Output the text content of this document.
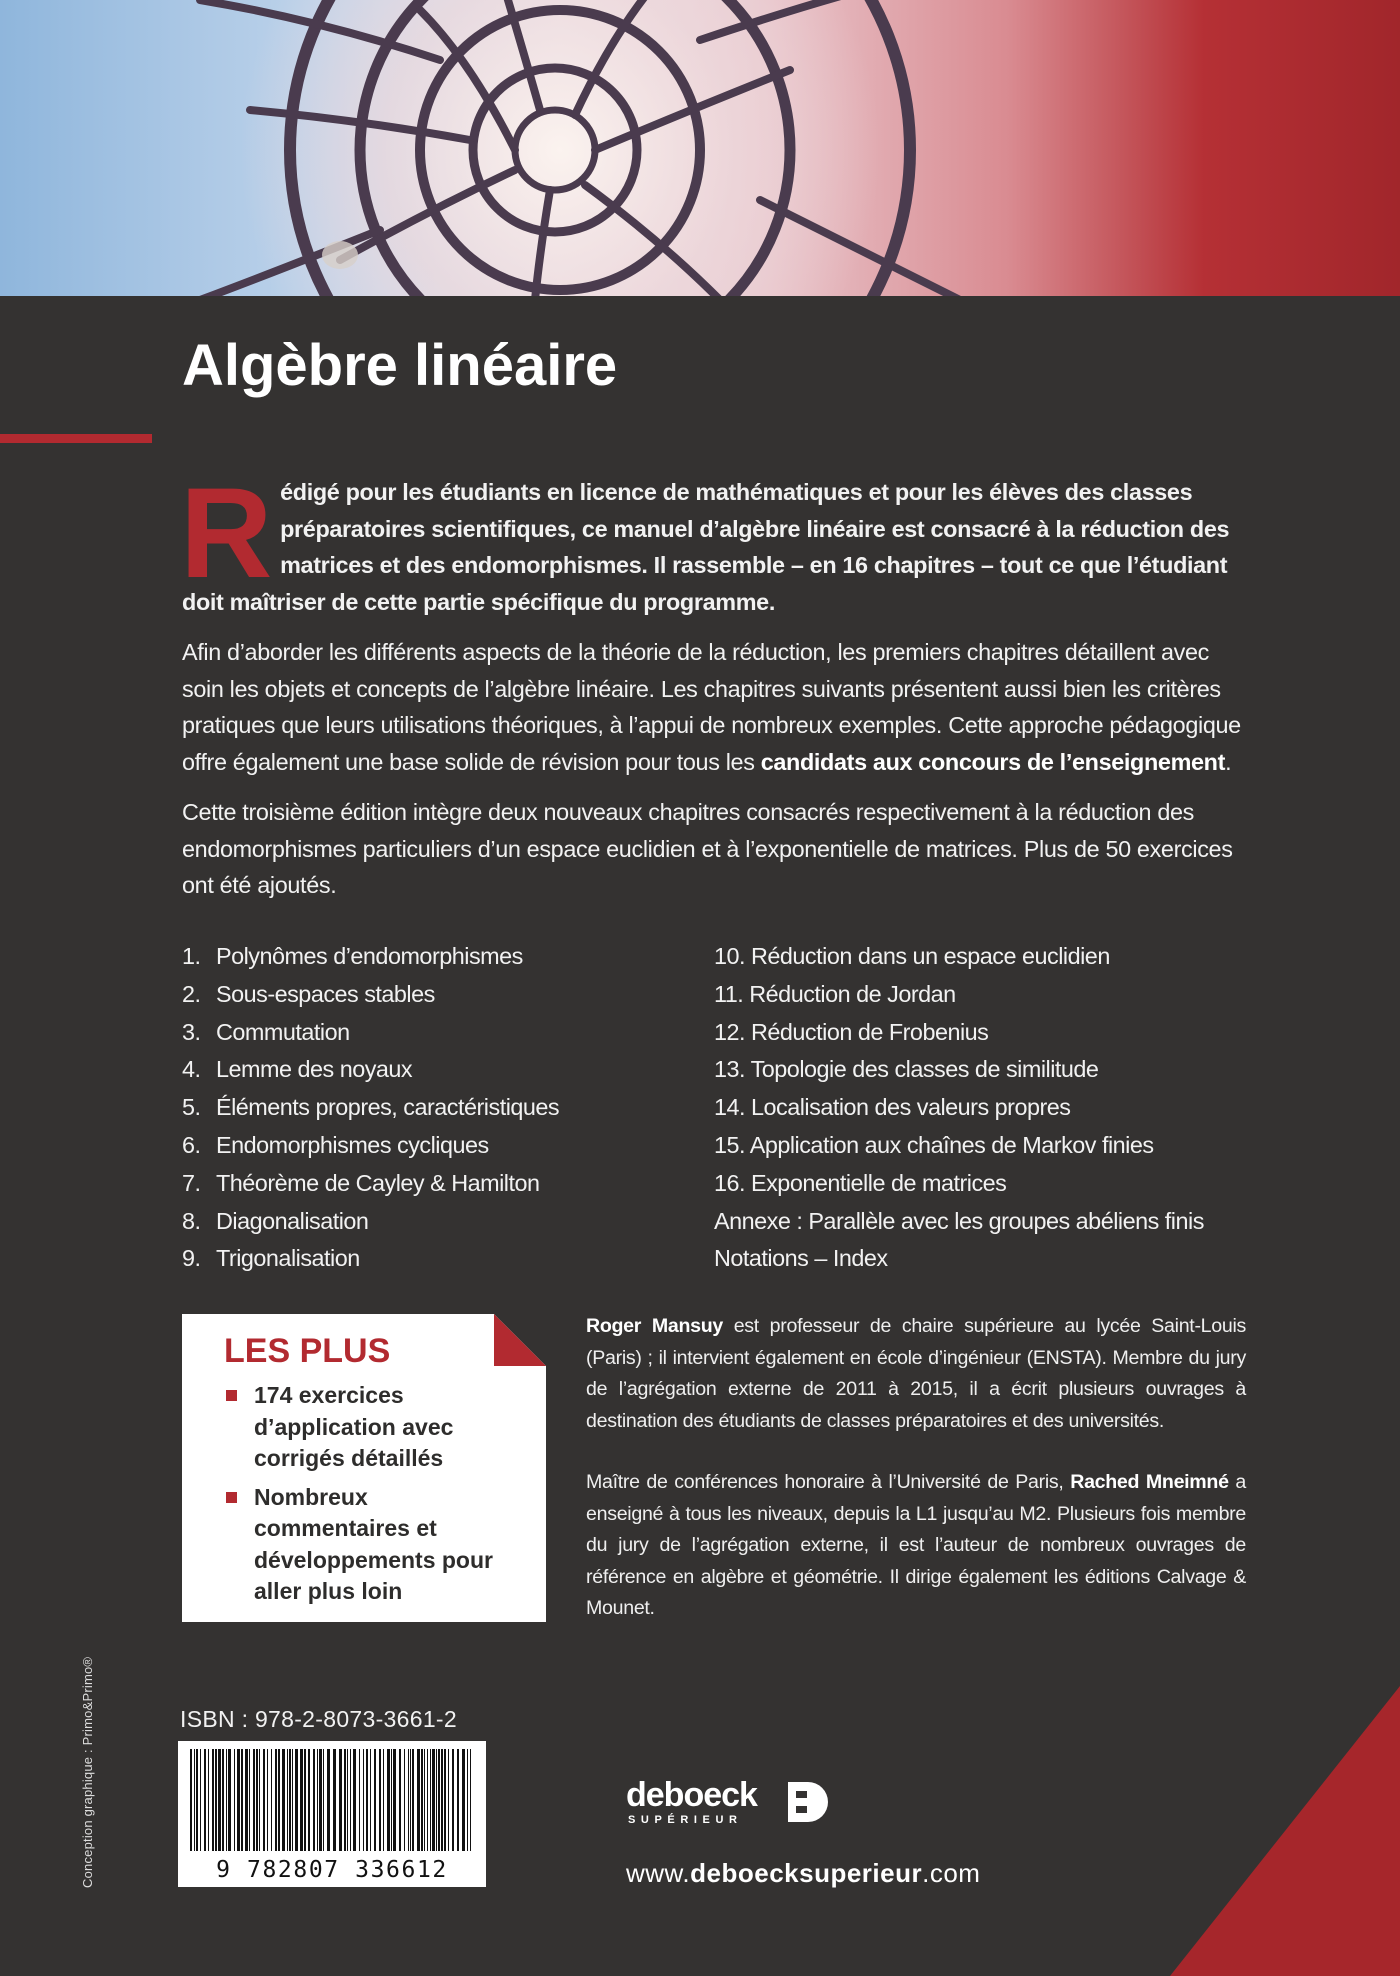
Algèbre linéaire

Rédigé pour les étudiants en licence de mathématiques et pour les élèves des classes préparatoires scientifiques, ce manuel d’algèbre linéaire est consacré à la réduction des matrices et des endomorphismes. Il rassemble – en 16 chapitres – tout ce que l’étudiant doit maîtriser de cette partie spécifique du programme.

Afin d’aborder les différents aspects de la théorie de la réduction, les premiers chapitres détaillent avec soin les objets et concepts de l’algèbre linéaire. Les chapitres suivants présentent aussi bien les critères pratiques que leurs utilisations théoriques, à l’appui de nombreux exemples. Cette approche pédagogique offre également une base solide de révision pour tous les candidats aux concours de l’enseignement.

Cette troisième édition intègre deux nouveaux chapitres consacrés respectivement à la réduction des endomorphismes particuliers d’un espace euclidien et à l’exponentielle de matrices. Plus de 50 exercices ont été ajoutés.

1. Polynômes d’endomorphismes
2. Sous-espaces stables
3. Commutation
4. Lemme des noyaux
5. Éléments propres, caractéristiques
6. Endomorphismes cycliques
7. Théorème de Cayley & Hamilton
8. Diagonalisation
9. Trigonalisation
10. Réduction dans un espace euclidien
11. Réduction de Jordan
12. Réduction de Frobenius
13. Topologie des classes de similitude
14. Localisation des valeurs propres
15. Application aux chaînes de Markov finies
16. Exponentielle de matrices
Annexe : Parallèle avec les groupes abéliens finis
Notations – Index
LES PLUS
174 exercices d’application avec corrigés détaillés
Nombreux commentaires et développements pour aller plus loin

Roger Mansuy est professeur de chaire supérieure au lycée Saint-Louis (Paris) ; il intervient également en école d’ingénieur (ENSTA). Membre du jury de l’agrégation externe de 2011 à 2015, il a écrit plusieurs ouvrages à destination des étudiants de classes préparatoires et des universités.

Maître de conférences honoraire à l’Université de Paris, Rached Mneimné a enseigné à tous les niveaux, depuis la L1 jusqu’au M2. Plusieurs fois membre du jury de l’agrégation externe, il est l’auteur de nombreux ouvrages de référence en algèbre et géométrie. Il dirige également les éditions Calvage & Mounet.

Conception graphique : Primo&Primo®	ISBN : 978-2-8073-3661-2
9 782807 336612
deboeck
SUPÉRIEUR
www.deboecksuperieur.com
